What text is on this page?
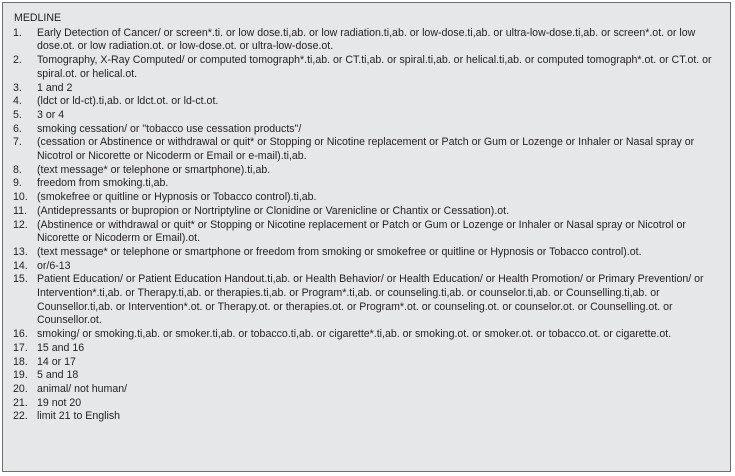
MEDLINE
1.	Early Detection of Cancer/ or screen*.ti. or low dose.ti,ab. or low radiation.ti,ab. or low-dose.ti,ab. or ultra-low-dose.ti,ab. or screen*.ot. or low dose.ot. or low radiation.ot. or low-dose.ot. or ultra-low-dose.ot.
2.	Tomography, X-Ray Computed/ or computed tomograph*.ti,ab. or CT.ti,ab. or spiral.ti,ab. or helical.ti,ab. or computed tomograph*.ot. or CT.ot. or spiral.ot. or helical.ot.
3.	1 and 2
4.	(ldct or ld-ct).ti,ab. or ldct.ot. or ld-ct.ot.
5.	3 or 4
6.	smoking cessation/ or "tobacco use cessation products"/
7.	(cessation or Abstinence or withdrawal or quit* or Stopping or Nicotine replacement or Patch or Gum or Lozenge or Inhaler or Nasal spray or Nicotrol or Nicorette or Nicoderm or Email or e-mail).ti,ab.
8.	(text message* or telephone or smartphone).ti,ab.
9.	freedom from smoking.ti,ab.
10. (smokefree or quitline or Hypnosis or Tobacco control).ti,ab.
11. (Antidepressants or bupropion or Nortriptyline or Clonidine or Varenicline or Chantix or Cessation).ot.
12. (Abstinence or withdrawal or quit* or Stopping or Nicotine replacement or Patch or Gum or Lozenge or Inhaler or Nasal spray or Nicotrol or Nicorette or Nicoderm or Email).ot.
13. (text message* or telephone or smartphone or freedom from smoking or smokefree or quitline or Hypnosis or Tobacco control).ot.
14. or/6-13
15. Patient Education/ or Patient Education Handout.ti,ab. or Health Behavior/ or Health Education/ or Health Promotion/ or Primary Prevention/ or Intervention*.ti,ab. or Therapy.ti,ab. or therapies.ti,ab. or Program*.ti,ab. or counseling.ti,ab. or counselor.ti,ab. or Counselling.ti,ab. or Counsellor.ti,ab. or Intervention*.ot. or Therapy.ot. or therapies.ot. or Program*.ot. or counseling.ot. or counselor.ot. or Counselling.ot. or Counsellor.ot.
16. smoking/ or smoking.ti,ab. or smoker.ti,ab. or tobacco.ti,ab. or cigarette*.ti,ab. or smoking.ot. or smoker.ot. or tobacco.ot. or cigarette.ot.
17. 15 and 16
18. 14 or 17
19. 5 and 18
20. animal/ not human/
21. 19 not 20
22. limit 21 to English
